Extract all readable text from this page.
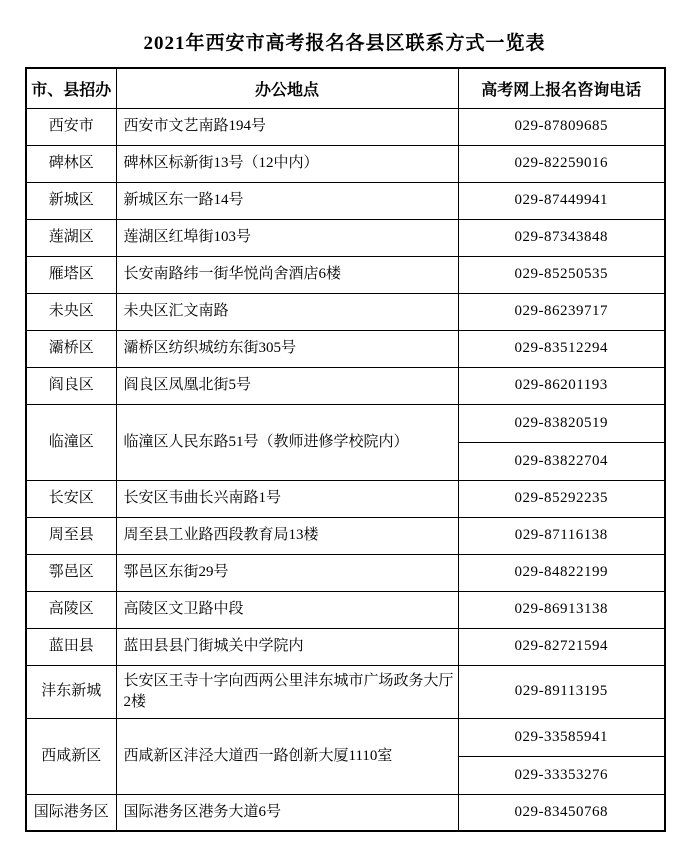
2021年西安市高考报名各县区联系方式一览表
市、县招办	办公地点	高考网上报名咨询电话
西安市	西安市文艺南路194号	029-87809685
碑林区	碑林区标新街13号（12中内）	029-82259016
新城区	新城区东一路14号	029-87449941
莲湖区	莲湖区红埠街103号	029-87343848
雁塔区	长安南路纬一街华悦尚舍酒店6楼	029-85250535
未央区	未央区汇文南路	029-86239717
灞桥区	灞桥区纺织城纺东街305号	029-83512294
阎良区	阎良区凤凰北街5号	029-86201193
临潼区	临潼区人民东路51号（教师进修学校院内）	029-83820519
		029-83822704
长安区	长安区韦曲长兴南路1号	029-85292235
周至县	周至县工业路西段教育局13楼	029-87116138
鄠邑区	鄠邑区东街29号	029-84822199
高陵区	高陵区文卫路中段	029-86913138
蓝田县	蓝田县县门街城关中学院内	029-82721594
沣东新城	长安区王寺十字向西两公里沣东城市广场政务大厅2楼	029-89113195
西咸新区	西咸新区沣泾大道西一路创新大厦1110室	029-33585941
		029-33353276
国际港务区	国际港务区港务大道6号	029-83450768
